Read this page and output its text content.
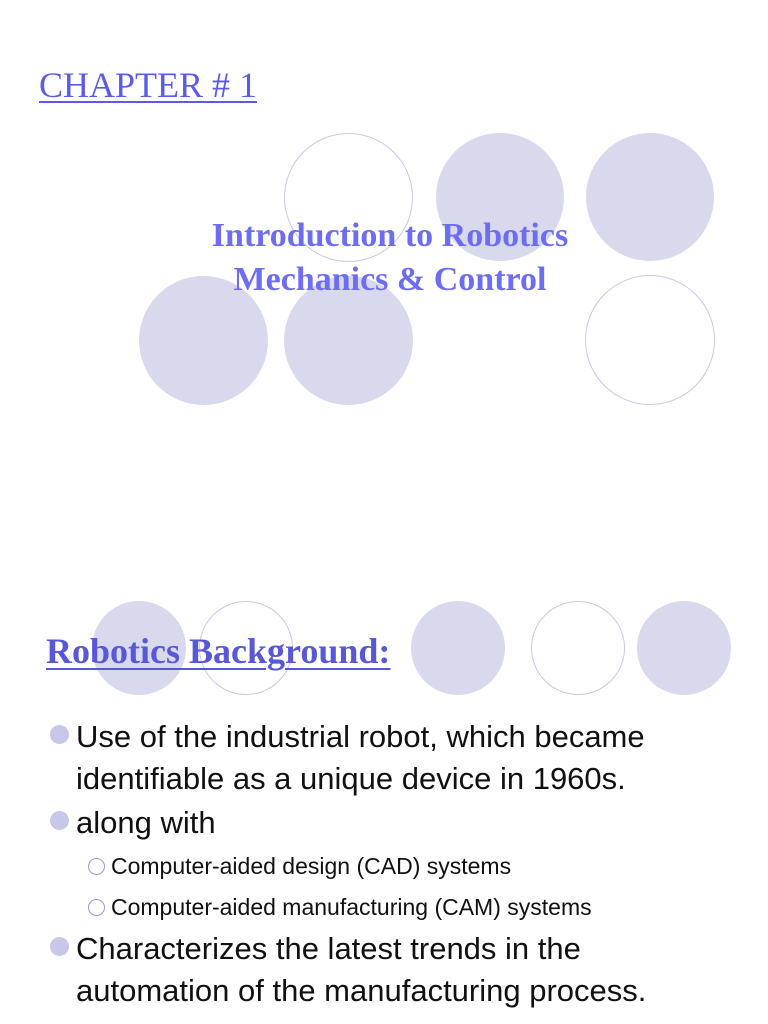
CHAPTER # 1
Introduction to Robotics
Mechanics & Control
Robotics Background:
Use of the industrial robot, which became identifiable as a unique device in 1960s.
along with
Computer-aided design (CAD) systems
Computer-aided manufacturing (CAM) systems
Characterizes the latest trends in the automation of the manufacturing process.
